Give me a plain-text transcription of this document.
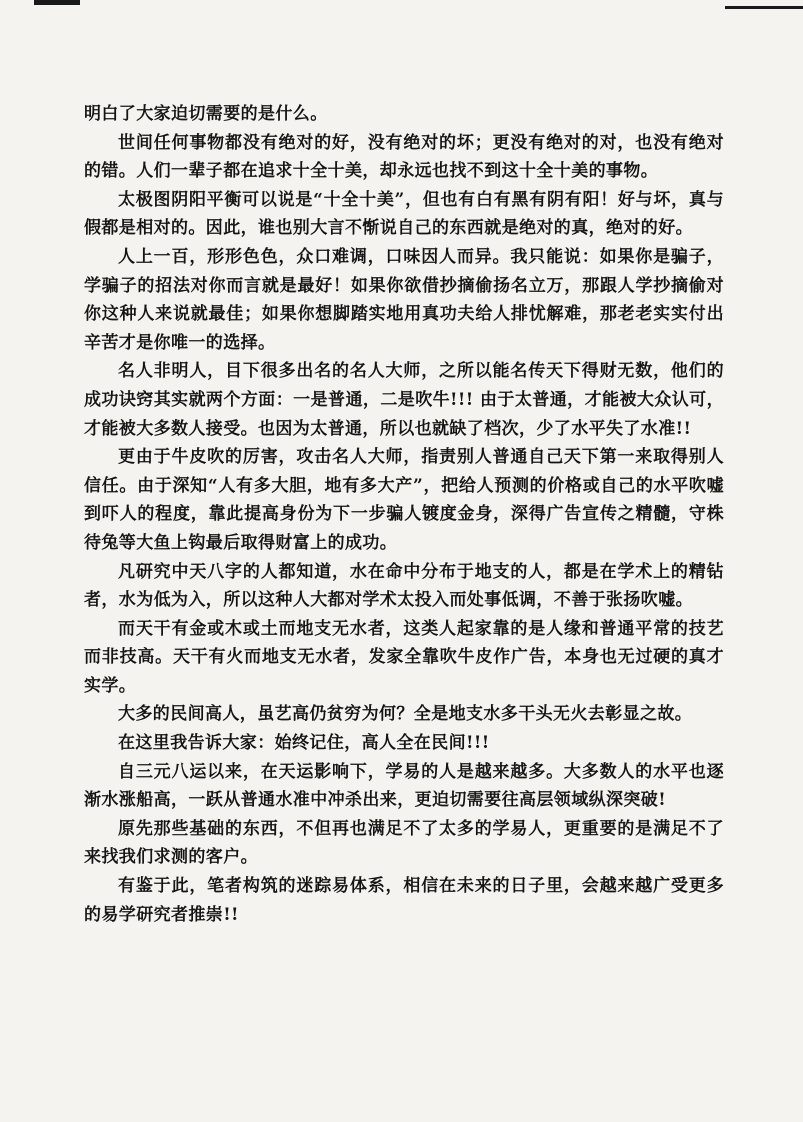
明白了大家迫切需要的是什么。

世间任何事物都没有绝对的好，没有绝对的坏；更没有绝对的对，也没有绝对的错。人们一辈子都在追求十全十美，却永远也找不到这十全十美的事物。

太极图阴阳平衡可以说是“十全十美”，但也有白有黑有阴有阳！好与坏，真与假都是相对的。因此，谁也别大言不惭说自己的东西就是绝对的真，绝对的好。

人上一百，形形色色，众口难调，口味因人而异。我只能说：如果你是骗子，学骗子的招法对你而言就是最好！如果你欲借抄摘偷扬名立万，那跟人学抄摘偷对你这种人来说就最佳；如果你想脚踏实地用真功夫给人排忧解难，那老老实实付出辛苦才是你唯一的选择。

名人非明人，目下很多出名的名人大师，之所以能名传天下得财无数，他们的成功诀窍其实就两个方面：一是普通，二是吹牛!!! 由于太普通，才能被大众认可，才能被大多数人接受。也因为太普通，所以也就缺了档次，少了水平失了水准!!

更由于牛皮吹的厉害，攻击名人大师，指责别人普通自己天下第一来取得别人信任。由于深知“人有多大胆，地有多大产”，把给人预测的价格或自己的水平吹嘘到吓人的程度，靠此提高身份为下一步骗人镀度金身，深得广告宣传之精髓，守株待兔等大鱼上钩最后取得财富上的成功。

凡研究中天八字的人都知道，水在命中分布于地支的人，都是在学术上的精钻者，水为低为入，所以这种人大都对学术太投入而处事低调，不善于张扬吹嘘。

而天干有金或木或土而地支无水者，这类人起家靠的是人缘和普通平常的技艺而非技高。天干有火而地支无水者，发家全靠吹牛皮作广告，本身也无过硬的真才实学。

大多的民间高人，虽艺高仍贫穷为何？全是地支水多干头无火去彰显之故。

在这里我告诉大家：始终记住，高人全在民间!!!

自三元八运以来，在天运影响下，学易的人是越来越多。大多数人的水平也逐渐水涨船高，一跃从普通水准中冲杀出来，更迫切需要往高层领域纵深突破!

原先那些基础的东西，不但再也满足不了太多的学易人，更重要的是满足不了来找我们求测的客户。

有鉴于此，笔者构筑的迷踪易体系，相信在未来的日子里，会越来越广受更多的易学研究者推崇!!
